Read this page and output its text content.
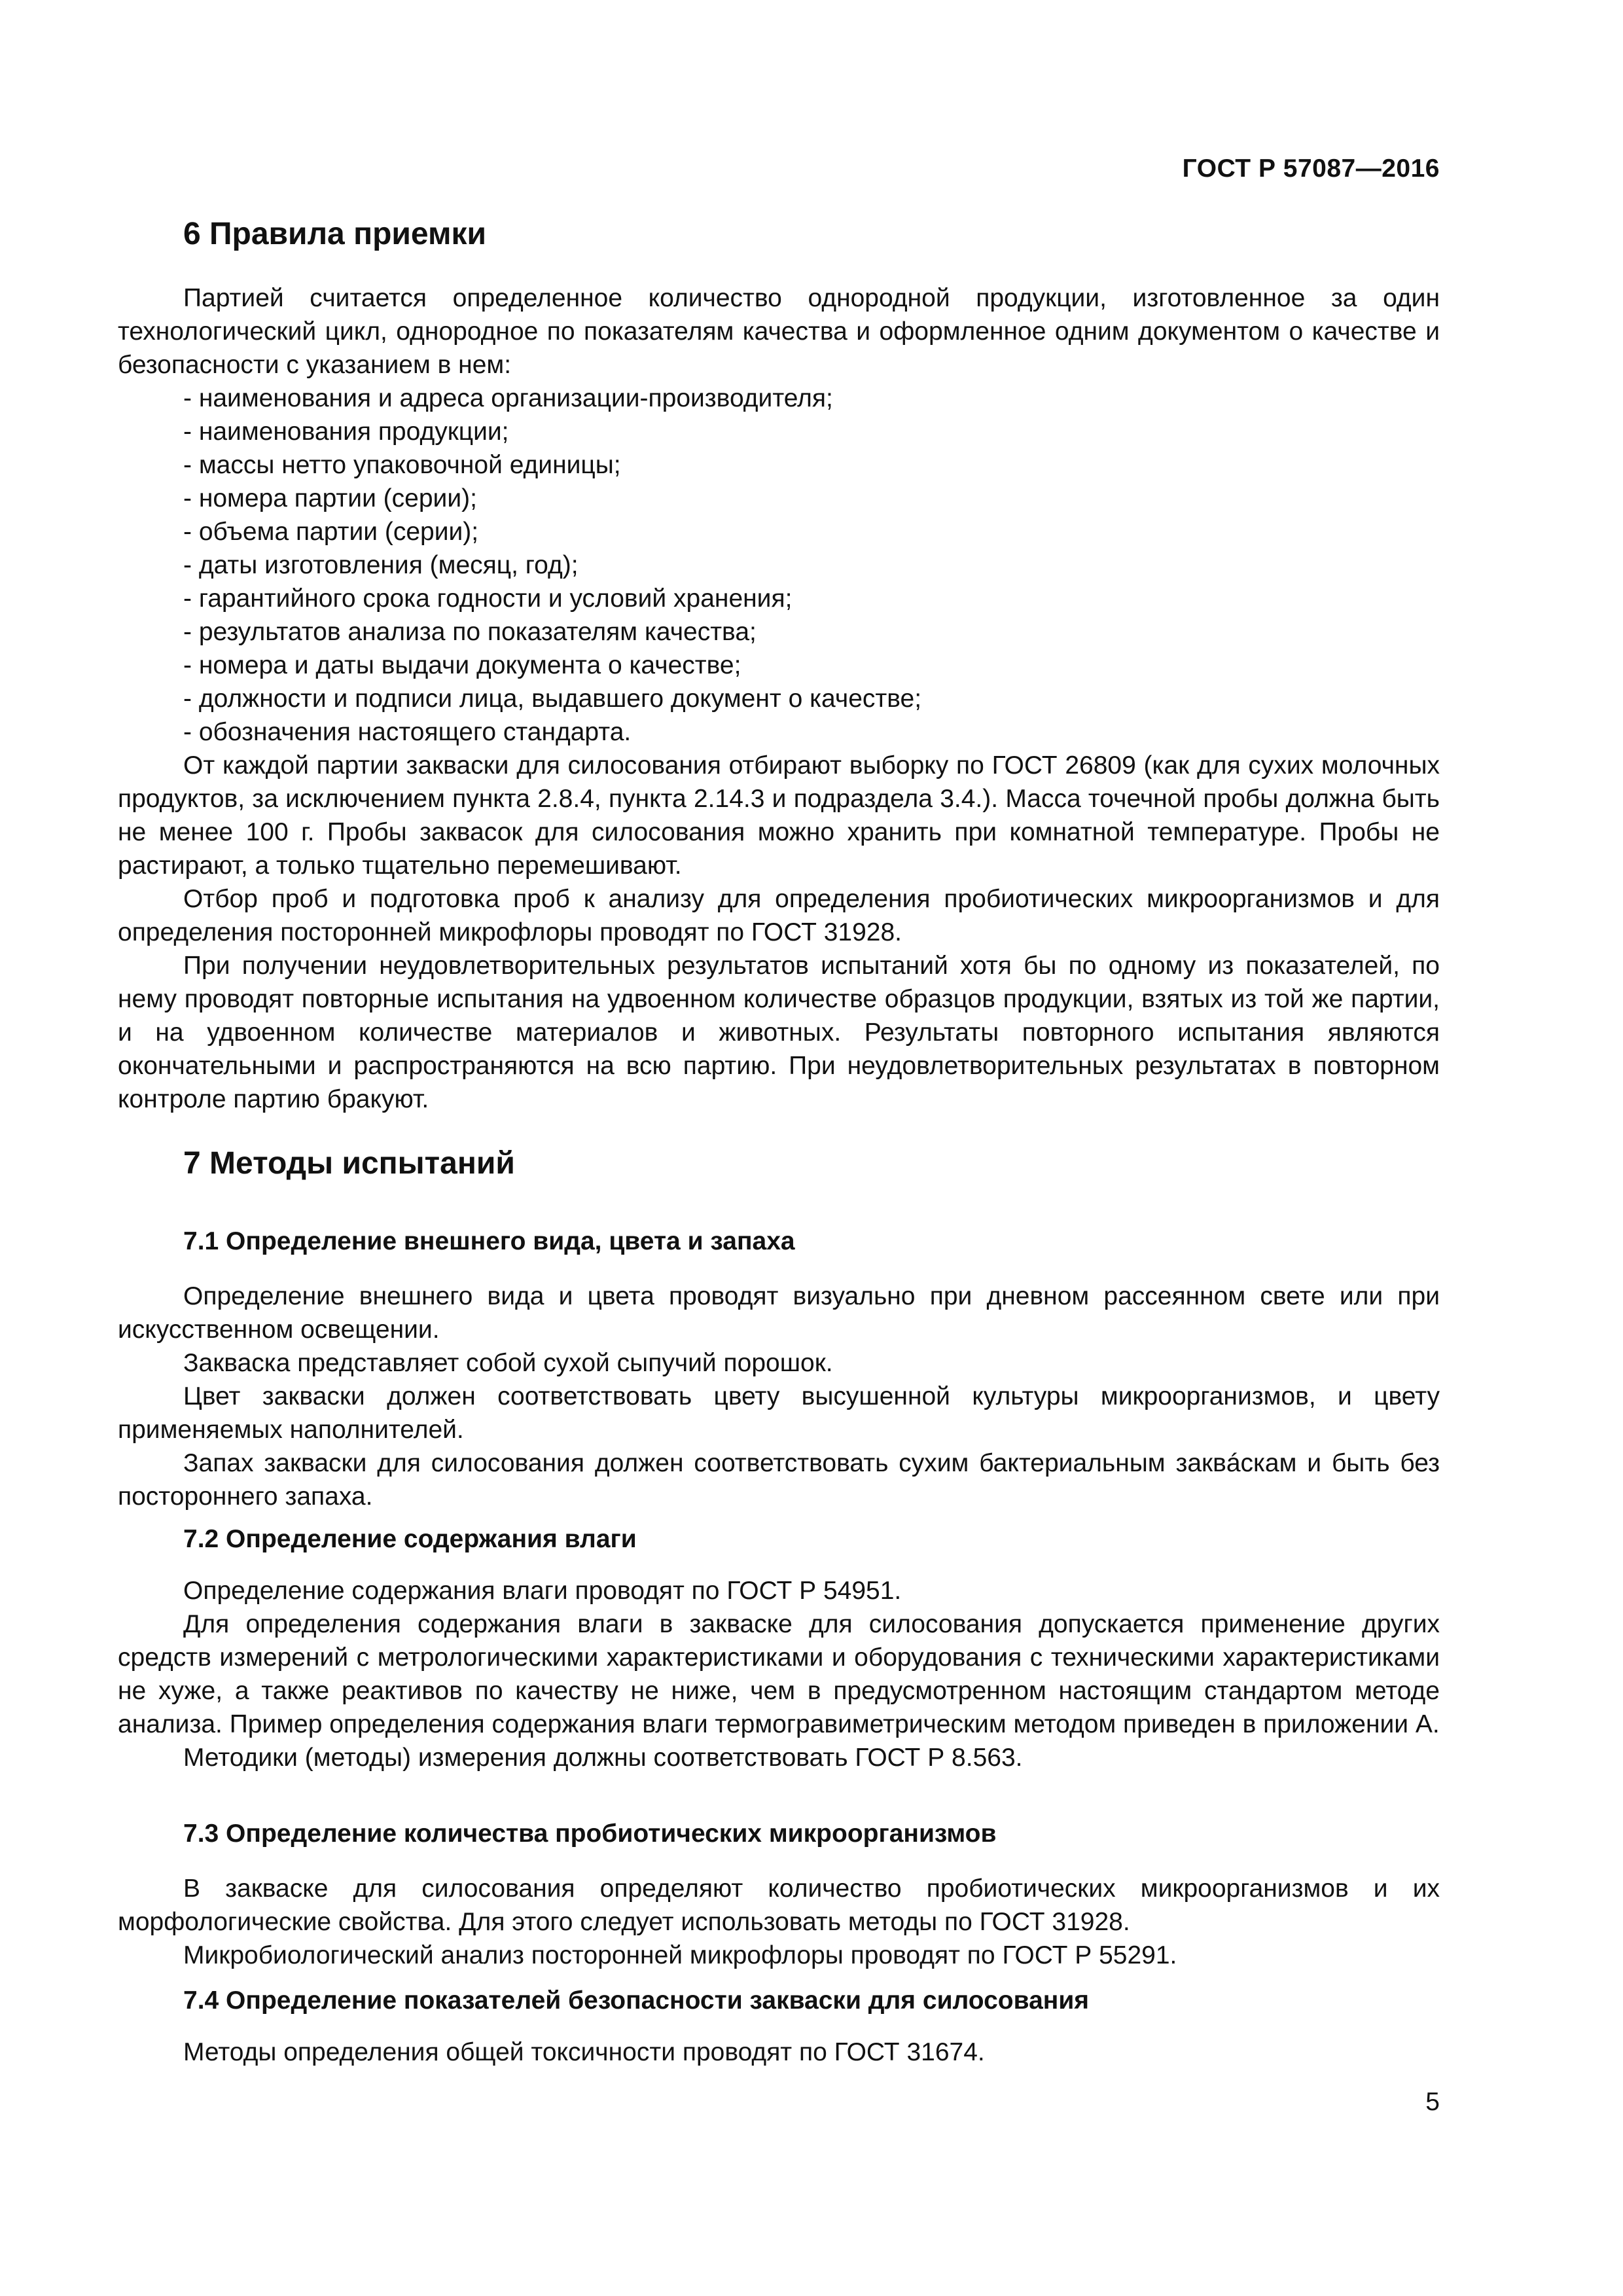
ГОСТ Р 57087—2016
6 Правила приемки

Партией считается определенное количество однородной продукции, изготовленное за один технологический цикл, однородное по показателям качества и оформленное одним документом о качестве и безопасности с указанием в нем:

- наименования и адреса организации-производителя;
- наименования продукции;
- массы нетто упаковочной единицы;
- номера партии (серии);
- объема партии (серии);
- даты изготовления (месяц, год);
- гарантийного срока годности и условий хранения;
- результатов анализа по показателям качества;
- номера и даты выдачи документа о качестве;
- должности и подписи лица, выдавшего документ о качестве;
- обозначения настоящего стандарта.

От каждой партии закваски для силосования отбирают выборку по ГОСТ 26809 (как для сухих молочных продуктов, за исключением пункта 2.8.4, пункта 2.14.3 и подраздела 3.4.). Масса точечной пробы должна быть не менее 100 г. Пробы заквасок для силосования можно хранить при комнатной температуре. Пробы не растирают, а только тщательно перемешивают.

Отбор проб и подготовка проб к анализу для определения пробиотических микроорганизмов и для определения посторонней микрофлоры проводят по ГОСТ 31928.

При получении неудовлетворительных результатов испытаний хотя бы по одному из показателей, по нему проводят повторные испытания на удвоенном количестве образцов продукции, взятых из той же партии, и на удвоенном количестве материалов и животных. Результаты повторного испытания являются окончательными и распространяются на всю партию. При неудовлетворительных результатах в повторном контроле партию бракуют.

7 Методы испытаний
7.1 Определение внешнего вида, цвета и запаха

Определение внешнего вида и цвета проводят визуально при дневном рассеянном свете или при искусственном освещении.

Закваска представляет собой сухой сыпучий порошок.

Цвет закваски должен соответствовать цвету высушенной культуры микроорганизмов, и цвету применяемых наполнителей.

Запах закваски для силосования должен соответствовать сухим бактериальным заквáскам и быть без постороннего запаха.

7.2 Определение содержания влаги

Определение содержания влаги проводят по ГОСТ Р 54951.

Для определения содержания влаги в закваске для силосования допускается применение других средств измерений с метрологическими характеристиками и оборудования с техническими характеристиками не хуже, а также реактивов по качеству не ниже, чем в предусмотренном настоящим стандартом методе анализа. Пример определения содержания влаги термогравиметрическим методом приведен в приложении А.

Методики (методы) измерения должны соответствовать ГОСТ Р 8.563.

7.3 Определение количества пробиотических микроорганизмов

В закваске для силосования определяют количество пробиотических микроорганизмов и их морфологические свойства. Для этого следует использовать методы по ГОСТ 31928.

Микробиологический анализ посторонней микрофлоры проводят по ГОСТ Р 55291.

7.4 Определение показателей безопасности закваски для силосования

Методы определения общей токсичности проводят по ГОСТ 31674.

5
